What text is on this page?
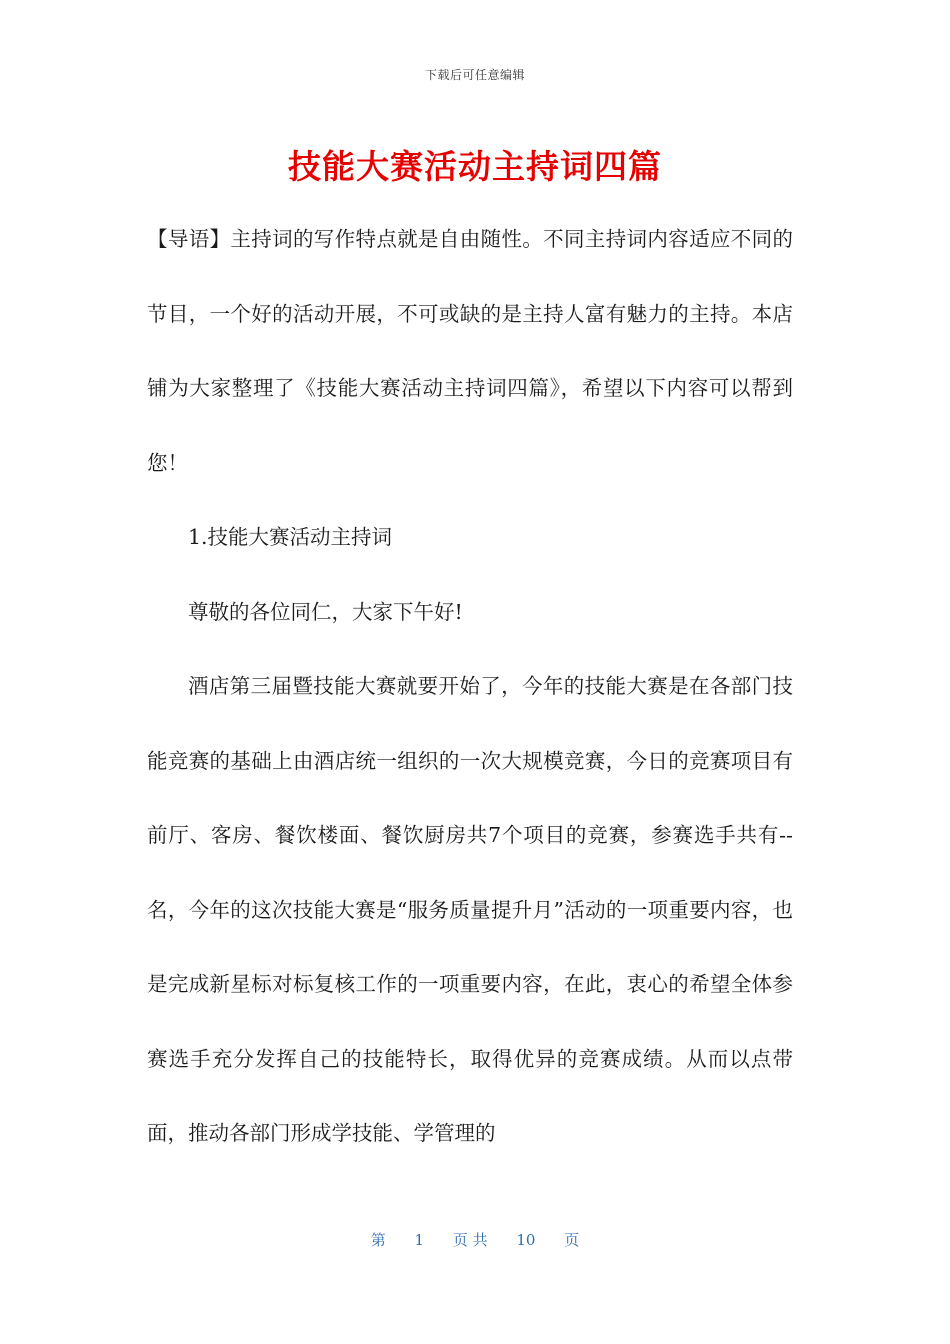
下载后可任意编辑
技能大赛活动主持词四篇

【导语】主持词的写作特点就是自由随性。不同主持词内容适应不同的节目，一个好的活动开展，不可或缺的是主持人富有魅力的主持。本店铺为大家整理了《技能大赛活动主持词四篇》，希望以下内容可以帮到您！

1.技能大赛活动主持词

尊敬的各位同仁，大家下午好!

酒店第三届暨技能大赛就要开始了，今年的技能大赛是在各部门技能竞赛的基础上由酒店统一组织的一次大规模竞赛，今日的竞赛项目有前厅、客房、餐饮楼面、餐饮厨房共7个项目的竞赛，参赛选手共有--名，今年的这次技能大赛是“服务质量提升月”活动的一项重要内容，也是完成新星标对标复核工作的一项重要内容，在此，衷心的希望全体参赛选手充分发挥自己的技能特长，取得优异的竞赛成绩。从而以点带面，推动各部门形成学技能、学管理的

第 1 页 共 10 页
